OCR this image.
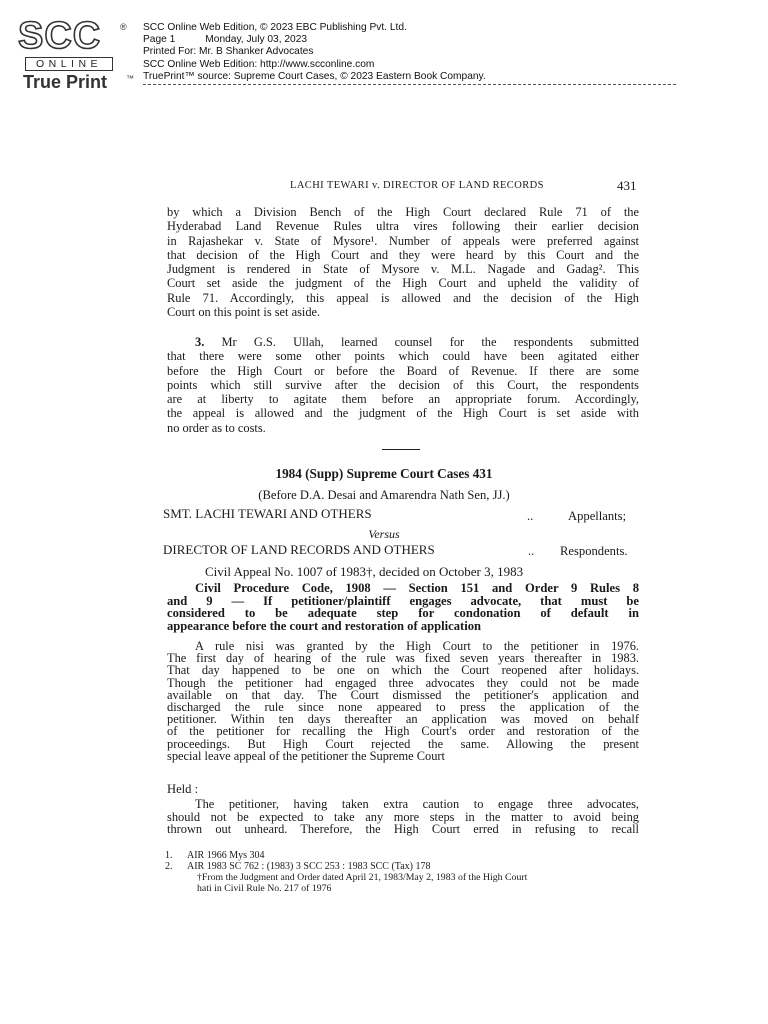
SCC	®
ONLINE
True Print ™
SCC Online Web Edition, © 2023 EBC Publishing Pvt. Ltd.
Page 1	Monday, July 03, 2023
Printed For: Mr. B Shanker Advocates
SCC Online Web Edition: http://www.scconline.com
TruePrint™ source: Supreme Court Cases, © 2023 Eastern Book Company.
LACHI TEWARI v. DIRECTOR OF LAND RECORDS	431
by which a Division Bench of the High Court declared Rule 71 of the
Hyderabad Land Revenue Rules ultra vires following their earlier decision
in Rajashekar v. State of Mysore¹. Number of appeals were preferred against
that decision of the High Court and they were heard by this Court and the
Judgment is rendered in State of Mysore v. M.L. Nagade and Gadag². This
Court set aside the judgment of the High Court and upheld the validity of
Rule 71. Accordingly, this appeal is allowed and the decision of the High
Court on this point is set aside.
3. Mr G.S. Ullah, learned counsel for the respondents submitted
that there were some other points which could have been agitated either
before the High Court or before the Board of Revenue. If there are some
points which still survive after the decision of this Court, the respondents
are at liberty to agitate them before an appropriate forum. Accordingly,
the appeal is allowed and the judgment of the High Court is set aside with
no order as to costs.
1984 (Supp) Supreme Court Cases 431
(Before D.A. Desai and Amarendra Nath Sen, JJ.)
SMT. LACHI TEWARI AND OTHERS	..	Appellants;
Versus
DIRECTOR OF LAND RECORDS AND OTHERS	.. Respondents.
Civil Appeal No. 1007 of 1983†, decided on October 3, 1983
Civil Procedure Code, 1908 — Section 151 and Order 9 Rules 8
and 9 — If petitioner/plaintiff engages advocate, that must be
considered to be adequate step for condonation of default in
appearance before the court and restoration of application
A rule nisi was granted by the High Court to the petitioner in 1976.
The first day of hearing of the rule was fixed seven years thereafter in 1983.
That day happened to be one on which the Court reopened after holidays.
Though the petitioner had engaged three advocates they could not be made
available on that day. The Court dismissed the petitioner's application and
discharged the rule since none appeared to press the application of the
petitioner. Within ten days thereafter an application was moved on behalf
of the petitioner for recalling the High Court's order and restoration of the
proceedings. But High Court rejected the same. Allowing the present
special leave appeal of the petitioner the Supreme Court
Held :
The petitioner, having taken extra caution to engage three advocates,
should not be expected to take any more steps in the matter to avoid being
thrown out unheard. Therefore, the High Court erred in refusing to recall
1. AIR 1966 Mys 304
2. AIR 1983 SC 762 : (1983) 3 SCC 253 : 1983 SCC (Tax) 178
†From the Judgment and Order dated April 21, 1983/May 2, 1983 of the High Court
hati in Civil Rule No. 217 of 1976
